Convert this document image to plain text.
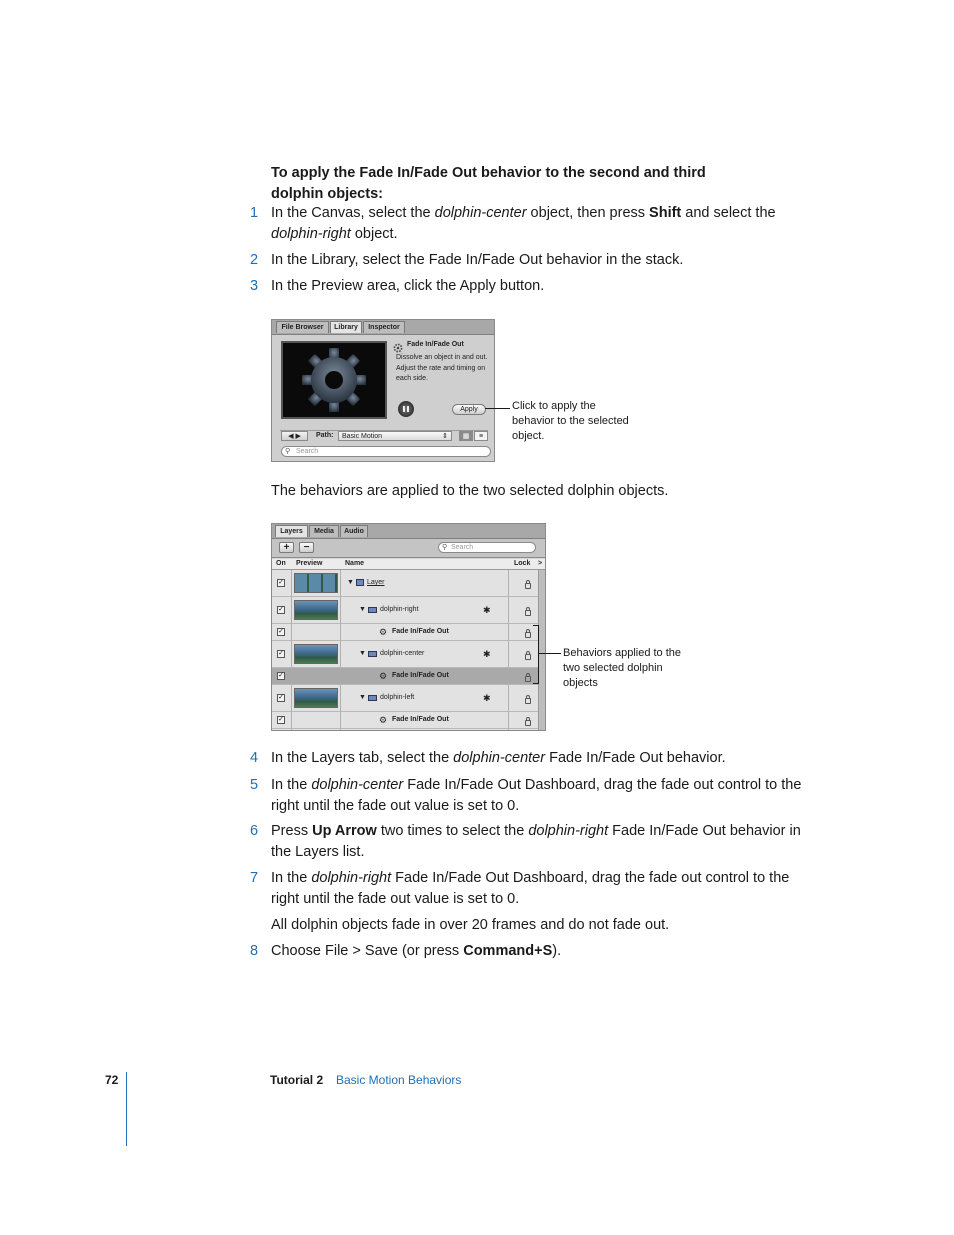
To apply the Fade In/Fade Out behavior to the second and third dolphin objects:
1 In the Canvas, select the dolphin-center object, then press Shift and select the dolphin-right object.
2 In the Library, select the Fade In/Fade Out behavior in the stack.
3 In the Preview area, click the Apply button.
File Browser	Library	Inspector
Fade In/Fade Out
Dissolve an object in and out. Adjust the rate and timing on each side.
Apply
◀ ▶	Path:	Basic Motion	⇕	▦	≡
⚲ Search
Click to apply the behavior to the selected object.
The behaviors are applied to the two selected dolphin objects.
Layers	Media	Audio
+	−	⚲ Search
On Preview	Name	Lock >
✓	▼ Layer
✓	▼ dolphin-right	✱
✓	⚙ Fade In/Fade Out
✓	▼ dolphin-center	✱
✓	⚙ Fade In/Fade Out
✓	▼ dolphin-left	✱
✓	⚙ Fade In/Fade Out
Behaviors applied to the two selected dolphin objects
4 In the Layers tab, select the dolphin-center Fade In/Fade Out behavior.
5 In the dolphin-center Fade In/Fade Out Dashboard, drag the fade out control to the right until the fade out value is set to 0.
6 Press Up Arrow two times to select the dolphin-right Fade In/Fade Out behavior in the Layers list.
7 In the dolphin-right Fade In/Fade Out Dashboard, drag the fade out control to the right until the fade out value is set to 0.
All dolphin objects fade in over 20 frames and do not fade out.
8 Choose File > Save (or press Command+S).
72	Tutorial 2 Basic Motion Behaviors
